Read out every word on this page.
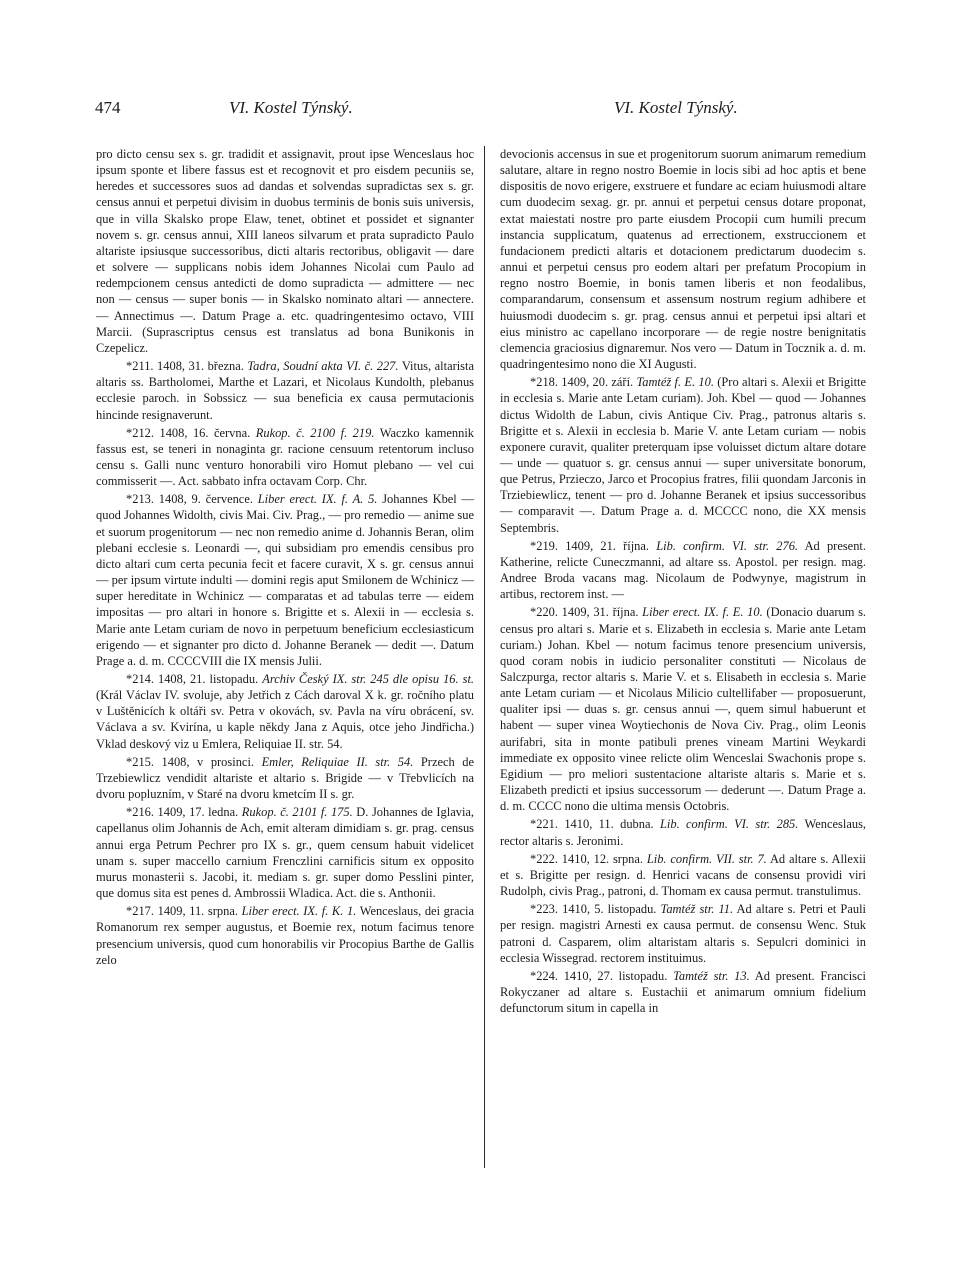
474	VI. Kostel Týnský.	VI. Kostel Týnský.

pro dicto censu sex s. gr. tradidit et assignavit, prout ipse Wenceslaus hoc ipsum sponte et libere fassus est et recognovit et pro eisdem pecuniis se, heredes et successores suos ad dandas et solvendas supradictas sex s. gr. census annui et perpetui divisim in duobus terminis de bonis suis universis, que in villa Skalsko prope Elaw, tenet, obtinet et possidet et signanter novem s. gr. census annui, XIII laneos silvarum et prata supradicto Paulo altariste ipsiusque successoribus, dicti altaris rectoribus, obligavit — dare et solvere — supplicans nobis idem Johannes Nicolai cum Paulo ad redempcionem census antedicti de domo supradicta — admittere — nec non — census — super bonis — in Skalsko nominato altari — annectere. — Annectimus —. Datum Prage a. etc. quadringentesimo octavo, VIII Marcii. (Suprascriptus census est translatus ad bona Bunikonis in Czepelicz.

*211. 1408, 31. března. Tadra, Soudní akta VI. č. 227. Vitus, altarista altaris ss. Bartholomei, Marthe et Lazari, et Nicolaus Kundolth, plebanus ecclesie paroch. in Sobssicz — sua beneficia ex causa permutacionis hincinde resignaverunt.

*212. 1408, 16. června. Rukop. č. 2100 f. 219. Waczko kamennik fassus est, se teneri in nonaginta gr. racione censuum retentorum incluso censu s. Galli nunc venturo honorabili viro Homut plebano — vel cui commisserit —. Act. sabbato infra octavam Corp. Chr.

*213. 1408, 9. července. Liber erect. IX. f. A. 5. Johannes Kbel — quod Johannes Widolth, civis Mai. Civ. Prag., — pro remedio — anime sue et suorum progenitorum — nec non remedio anime d. Johannis Beran, olim plebani ecclesie s. Leonardi —, qui subsidiam pro emendis censibus pro dicto altari cum certa pecunia fecit et facere curavit, X s. gr. census annui — per ipsum virtute indulti — domini regis aput Smilonem de Wchinicz — super hereditate in Wchinicz — comparatas et ad tabulas terre — eidem impositas — pro altari in honore s. Brigitte et s. Alexii in — ecclesia s. Marie ante Letam curiam de novo in perpetuum beneficium ecclesiasticum erigendo — et signanter pro dicto d. Johanne Beranek — dedit —. Datum Prage a. d. m. CCCCVIII die IX mensis Julii.

*214. 1408, 21. listopadu. Archiv Český IX. str. 245 dle opisu 16. st. (Král Václav IV. svoluje, aby Jetřich z Cách daroval X k. gr. ročního platu v Luštěnicích k oltáři sv. Petra v okovách, sv. Pavla na víru obrácení, sv. Václava a sv. Kvirína, u kaple někdy Jana z Aquis, otce jeho Jindřicha.) Vklad deskový viz u Emlera, Reliquiae II. str. 54.

*215. 1408, v prosinci. Emler, Reliquiae II. str. 54. Przech de Trzebiewlicz vendidit altariste et altario s. Brigide — v Třebvlicích na dvoru popluzním, v Staré na dvoru kmetcím II s. gr.

*216. 1409, 17. ledna. Rukop. č. 2101 f. 175. D. Johannes de Iglavia, capellanus olim Johannis de Ach, emit alteram dimidiam s. gr. prag. census annui erga Petrum Pechrer pro IX s. gr., quem censum habuit videlicet unam s. super maccello carnium Frenczlini carnificis situm ex opposito murus monasterii s. Jacobi, it. mediam s. gr. super domo Pesslini pinter, que domus sita est penes d. Ambrossii Wladica. Act. die s. Anthonii.

*217. 1409, 11. srpna. Liber erect. IX. f. K. 1. Wenceslaus, dei gracia Romanorum rex semper augustus, et Boemie rex, notum facimus tenore presencium universis, quod cum honorabilis vir Procopius Barthe de Gallis zelo

devocionis accensus in sue et progenitorum suorum animarum remedium salutare, altare in regno nostro Boemie in locis sibi ad hoc aptis et bene dispositis de novo erigere, exstruere et fundare ac eciam huiusmodi altare cum duodecim sexag. gr. pr. annui et perpetui census dotare proponat, extat maiestati nostre pro parte eiusdem Procopii cum humili precum instancia supplicatum, quatenus ad errectionem, exstruccionem et fundacionem predicti altaris et dotacionem predictarum duodecim s. annui et perpetui census pro eodem altari per prefatum Procopium in regno nostro Boemie, in bonis tamen liberis et non feodalibus, comparandarum, consensum et assensum nostrum regium adhibere et huiusmodi duodecim s. gr. prag. census annui et perpetui ipsi altari et eius ministro ac capellano incorporare — de regie nostre benignitatis clemencia graciosius dignaremur. Nos vero — Datum in Tocznik a. d. m. quadringentesimo nono die XI Augusti.

*218. 1409, 20. září. Tamtéž f. E. 10. (Pro altari s. Alexii et Brigitte in ecclesia s. Marie ante Letam curiam). Joh. Kbel — quod — Johannes dictus Widolth de Labun, civis Antique Civ. Prag., patronus altaris s. Brigitte et s. Alexii in ecclesia b. Marie V. ante Letam curiam — nobis exponere curavit, qualiter preterquam ipse voluisset dictum altare dotare — unde — quatuor s. gr. census annui — super universitate bonorum, que Petrus, Przieczo, Jarco et Procopius fratres, filii quondam Jarconis in Trziebiewlicz, tenent — pro d. Johanne Beranek et ipsius successoribus — comparavit —. Datum Prage a. d. MCCCC nono, die XX mensis Septembris.

*219. 1409, 21. října. Lib. confirm. VI. str. 276. Ad present. Katherine, relicte Cuneczmanni, ad altare ss. Apostol. per resign. mag. Andree Broda vacans mag. Nicolaum de Podwynye, magistrum in artibus, rectorem inst. —

*220. 1409, 31. října. Liber erect. IX. f. E. 10. (Donacio duarum s. census pro altari s. Marie et s. Elizabeth in ecclesia s. Marie ante Letam curiam.) Johan. Kbel — notum facimus tenore presencium universis, quod coram nobis in iudicio personaliter constituti — Nicolaus de Salczpurga, rector altaris s. Marie V. et s. Elisabeth in ecclesia s. Marie ante Letam curiam — et Nicolaus Milicio cultellifaber — proposuerunt, qualiter ipsi — duas s. gr. census annui —, quem simul habuerunt et habent — super vinea Woytiechonis de Nova Civ. Prag., olim Leonis aurifabri, sita in monte patibuli prenes vineam Martini Weykardi immediate ex opposito vinee relicte olim Wenceslai Swachonis prope s. Egidium — pro meliori sustentacione altariste altaris s. Marie et s. Elizabeth predicti et ipsius successorum — dederunt —. Datum Prage a. d. m. CCCC nono die ultima mensis Octobris.

*221. 1410, 11. dubna. Lib. confirm. VI. str. 285. Wenceslaus, rector altaris s. Jeronimi.

*222. 1410, 12. srpna. Lib. confirm. VII. str. 7. Ad altare s. Allexii et s. Brigitte per resign. d. Henrici vacans de consensu providi viri Rudolph, civis Prag., patroni, d. Thomam ex causa permut. transtulimus.

*223. 1410, 5. listopadu. Tamtéž str. 11. Ad altare s. Petri et Pauli per resign. magistri Arnesti ex causa permut. de consensu Wenc. Stuk patroni d. Casparem, olim altaristam altaris s. Sepulcri dominici in ecclesia Wissegrad. rectorem instituimus.

*224. 1410, 27. listopadu. Tamtéž str. 13. Ad present. Francisci Rokyczaner ad altare s. Eustachii et animarum omnium fidelium defunctorum situm in capella in
